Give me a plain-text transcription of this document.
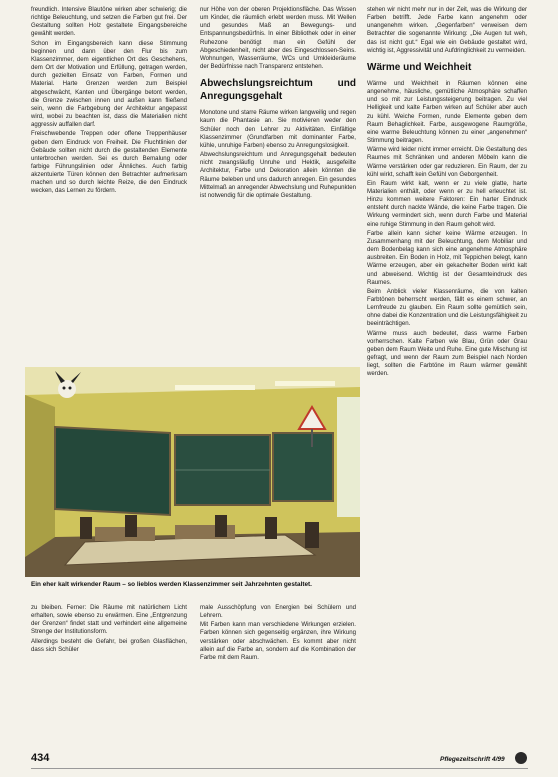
freundlich. Intensive Blautöne wirken aber schwierig; die richtige Beleuchtung, und setzen die Farben gut frei. Der Gestaltung sollten Holz gestaltete Eingangsbereiche gewählt werden.

Schon im Eingangsbereich kann diese Stimmung beginnen und dann über den Flur bis zum Klassenzimmer, dem eigentlichen Ort des Geschehens, dem Ort der Motivation und Erfüllung, getragen werden, durch gezielten Einsatz von Farben, Formen und Material. Harte Grenzen werden zum Beispiel abgeschwächt, Kanten und Übergänge betont werden, die Grenze zwischen innen und außen kann fließend sein, wenn die Farbgebung der Architektur angepasst wird, wobei zu beachten ist, dass die Materialien nicht aggressiv auffallen darf.

Freischwebende Treppen oder offene Treppenhäuser geben dem Eindruck von Freiheit. Die Fluchtlinien der Gebäude sollten nicht durch die gestaltenden Elemente unterbrochen werden. Sei es durch Bemalung oder farbige Führungslinien oder Ähnliches. Auch farbig akzentuierte Türen können den Betrachter aufmerksam machen und so durch leichte Reize, die den Eindruck wecken, das Lernen zu fördern.

nur Höhe von der oberen Projektionsfläche. Das Wissen um Kinder, die räumlich erlebt werden muss. Mit Wellen und gesundes Maß an Bewegungs- und Entspannungsbedürfnis. In einer Bibliothek oder in einer Ruhezone benötigt man ein Gefühl der Abgeschiedenheit, nicht aber des Eingeschlossen-Seins. Wohnungen, Wasserräume, WCs und Umkleideräume der Bedürfnisse nach Transparenz entstehen.

Abwechslungsreichtum und Anregungsgehalt

Monotone und starre Räume wirken langweilig und regen kaum die Phantasie an. Sie motivieren weder den Schüler noch den Lehrer zu Aktivitäten. Einfältige Klassenzimmer (Grundfarben mit dominanter Farbe, kühle, unruhige Farben) ebenso zu Anregungslosigkeit.

Abwechslungsreichtum und Anregungsgehalt bedeuten nicht zwangsläufig Unruhe und Hektik, ausgefeilte Architektur, Farbe und Dekoration allein könnten die Räume beleben und uns dadurch anregen. Ein gesundes Mittelmaß an anregender Abwechslung und Ruhepunkten ist notwendig für die optimale Gestaltung.

stehen wir nicht mehr nur in der Zeit, was die Wirkung der Farben betrifft. Jede Farbe kann angenehm oder unangenehm wirken. „Gegenfarben“ verweisen dem Betrachter die sogenannte Wirkung: „Die Augen tut weh, das ist nicht gut.“ Egal wie ein Gebäude gestaltet wird, wichtig ist, Aggressivität und Aufdringlichkeit zu vermeiden.

Wärme und Weichheit

Wärme und Weichheit in Räumen können eine angenehme, häusliche, gemütliche Atmosphäre schaffen und so mit zur Leistungssteigerung beitragen. Zu viel Helligkeit und kalte Farben wirken auf Schüler aber auch zu kühl. Weiche Formen, runde Elemente geben dem Raum Behaglichkeit. Farbe, ausgewogene Raumgröße, eine warme Beleuchtung können zu einer „angenehmen“ Stimmung beitragen.

Wärme wird leider nicht immer erreicht. Die Gestaltung des Raumes mit Schränken und anderen Möbeln kann die Wärme verstärken oder gar reduzieren. Ein Raum, der zu kühl wirkt, schafft kein Gefühl von Geborgenheit.

Ein Raum wirkt kalt, wenn er zu viele glatte, harte Materialien enthält, oder wenn er zu hell erleuchtet ist. Hinzu kommen weitere Faktoren: Ein harter Eindruck entsteht durch nackte Wände, die keine Farbe tragen. Die Wirkung vermindert sich, wenn durch Farbe und Material eine ruhige Stimmung in den Raum geholt wird.

Farbe allein kann sicher keine Wärme erzeugen. In Zusammenhang mit der Beleuchtung, dem Mobiliar und dem Bodenbelag kann sich eine angenehme Atmosphäre ausbreiten. Ein Boden in Holz, mit Teppichen belegt, kann Wärme erzeugen, aber ein gekachelter Boden wirkt kalt und abweisend. Wichtig ist der Gesamteindruck des Raumes.

Beim Anblick vieler Klassenräume, die von kalten Farbtönen beherrscht werden, fällt es einem schwer, an Lernfreude zu glauben. Ein Raum sollte gemütlich sein, ohne dabei die Konzentration und die Leistungsfähigkeit zu beeinträchtigen.

Wärme muss auch bedeutet, dass warme Farben vorherrschen. Kalte Farben wie Blau, Grün oder Grau geben dem Raum Weite und Ruhe. Eine gute Mischung ist gefragt, und wenn der Raum zum Beispiel nach Norden liegt, sollten die Farbtöne im Raum wärmer gewählt werden.

Ein eher kalt wirkender Raum – so lieblos werden Klassenzimmer seit Jahrzehnten gestaltet.

zu bleiben. Ferner: Die Räume mit natürlichem Licht erhalten, sowie ebenso zu erwärmen. Eine „Entgrenzung der Grenzen“ findet statt und verhindert eine allgemeine Strenge der Institutionsform.

Allerdings besteht die Gefahr, bei großen Glasflächen, dass sich Schüler

male Ausschöpfung von Energien bei Schülern und Lehrern.

Mit Farben kann man verschiedene Wirkungen erzielen. Farben können sich gegenseitig ergänzen, ihre Wirkung verstärken oder abschwächen. Es kommt aber nicht allein auf die Farbe an, sondern auf die Kombination der Farbe mit dem Raum.

434	Pflegezeitschrift 4/99
